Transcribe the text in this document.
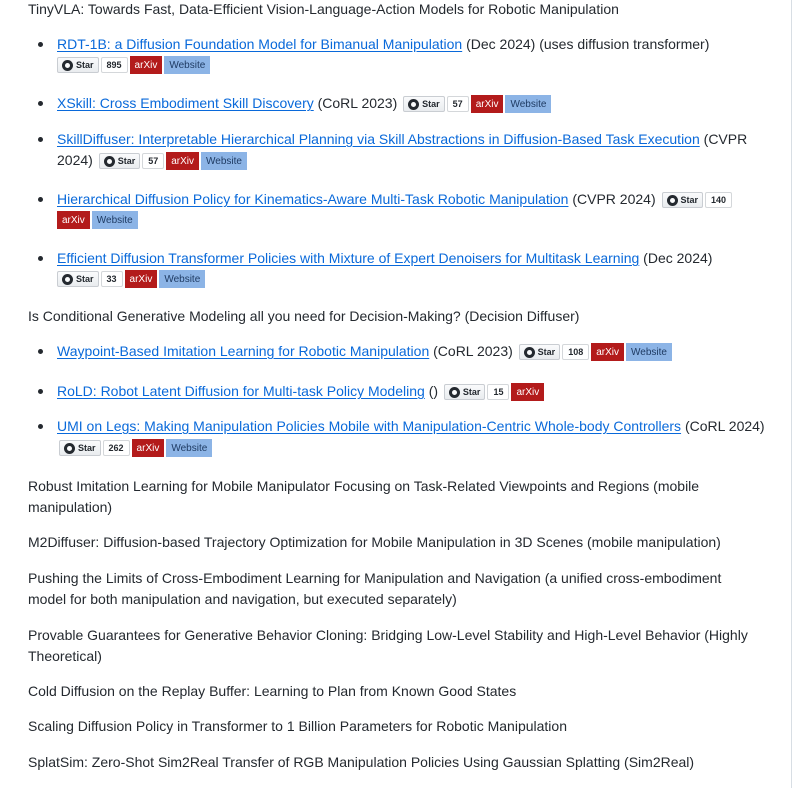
TinyVLA: Towards Fast, Data-Efficient Vision-Language-Action Models for Robotic Manipulation

RDT-1B: a Diffusion Foundation Model for Bimanual Manipulation (Dec 2024) (uses diffusion transformer)
Star	895	arXiv	Website
XSkill: Cross Embodiment Skill Discovery (CoRL 2023)	Star	57	arXiv	Website
SkillDiffuser: Interpretable Hierarchical Planning via Skill Abstractions in Diffusion-Based Task Execution (CVPR 2024)	Star	57	arXiv	Website
Hierarchical Diffusion Policy for Kinematics-Aware Multi-Task Robotic Manipulation (CVPR 2024)	Star	140
arXiv	Website
Efficient Diffusion Transformer Policies with Mixture of Expert Denoisers for Multitask Learning (Dec 2024)
Star	33	arXiv	Website

Is Conditional Generative Modeling all you need for Decision-Making? (Decision Diffuser)

Waypoint-Based Imitation Learning for Robotic Manipulation (CoRL 2023)	Star	108	arXiv	Website
RoLD: Robot Latent Diffusion for Multi-task Policy Modeling ()	Star	15	arXiv
UMI on Legs: Making Manipulation Policies Mobile with Manipulation-Centric Whole-body Controllers (CoRL 2024)
Star	262	arXiv	Website

Robust Imitation Learning for Mobile Manipulator Focusing on Task-Related Viewpoints and Regions (mobile manipulation)

M2Diffuser: Diffusion-based Trajectory Optimization for Mobile Manipulation in 3D Scenes (mobile manipulation)

Pushing the Limits of Cross-Embodiment Learning for Manipulation and Navigation (a unified cross-embodiment model for both manipulation and navigation, but executed separately)

Provable Guarantees for Generative Behavior Cloning: Bridging Low-Level Stability and High-Level Behavior (Highly Theoretical)

Cold Diffusion on the Replay Buffer: Learning to Plan from Known Good States

Scaling Diffusion Policy in Transformer to 1 Billion Parameters for Robotic Manipulation

SplatSim: Zero-Shot Sim2Real Transfer of RGB Manipulation Policies Using Gaussian Splatting (Sim2Real)
